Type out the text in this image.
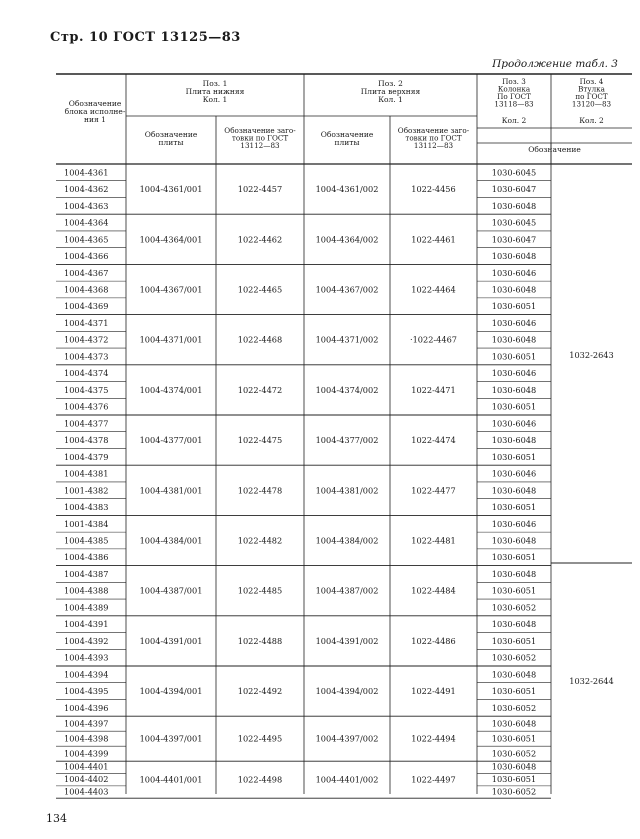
Стр. 10 ГОСТ 13125—83
Продолжение табл. 3
134
Обозначение
блока исполне-
ния 1
Поз. 1
Плита нижняя
Кол. 1
Поз. 2
Плита верхняя
Кол. 1
Поз. 3
Колонка
По ГОСТ
13118—83
Поз. 4
Втулка
по ГОСТ
13120—83
Кол. 2	Кол. 2
Обозначение
Обозначение
плиты
Обозначение заго-
товки по ГОСТ
13112—83
Обозначение
плиты
Обозначение заго-
товки по ГОСТ
13112—83
1004-4361	1030-6045
1004-4362	1030-6047
1004-4363	1030-6048
1004-4361/001	1022-4457	1004-4361/002	1022-4456
1004-4364	1030-6045
1004-4365	1030-6047
1004-4366	1030-6048
1004-4364/001	1022-4462	1004-4364/002	1022-4461
1004-4367	1030-6046
1004-4368	1030-6048
1004-4369	1030-6051
1004-4367/001	1022-4465	1004-4367/002	1022-4464
1004-4371	1030-6046
1004-4372	1030-6048
1004-4373	1030-6051
1004-4371/001	1022-4468	1004-4371/002	·1022-4467
1004-4374	1030-6046
1004-4375	1030-6048
1004-4376	1030-6051
1004-4374/001	1022-4472	1004-4374/002	1022-4471
1004-4377	1030-6046
1004-4378	1030-6048
1004-4379	1030-6051
1004-4377/001	1022-4475	1004-4377/002	1022-4474
1004-4381	1030-6046
1001-4382	1030-6048
1004-4383	1030-6051
1004-4381/001	1022-4478	1004-4381/002	1022-4477
1001-4384	1030-6046
1004-4385	1030-6048
1004-4386	1030-6051
1004-4384/001	1022-4482	1004-4384/002	1022-4481
1004-4387	1030-6048
1004-4388	1030-6051
1004-4389	1030-6052
1004-4387/001	1022-4485	1004-4387/002	1022-4484
1004-4391	1030-6048
1004-4392	1030-6051
1004-4393	1030-6052
1004-4391/001	1022-4488	1004-4391/002	1022-4486
1004-4394	1030-6048
1004-4395	1030-6051
1004-4396	1030-6052
1004-4394/001	1022-4492	1004-4394/002	1022-4491
1004-4397	1030-6048
1004-4398	1030-6051
1004-4399	1030-6052
1004-4397/001	1022-4495	1004-4397/002	1022-4494
1004-4401	1030-6048
1004-4402	1030-6051
1004-4403	1030-6052
1004-4401/001	1022-4498	1004-4401/002	1022-4497
1032-2643
1032-2644
